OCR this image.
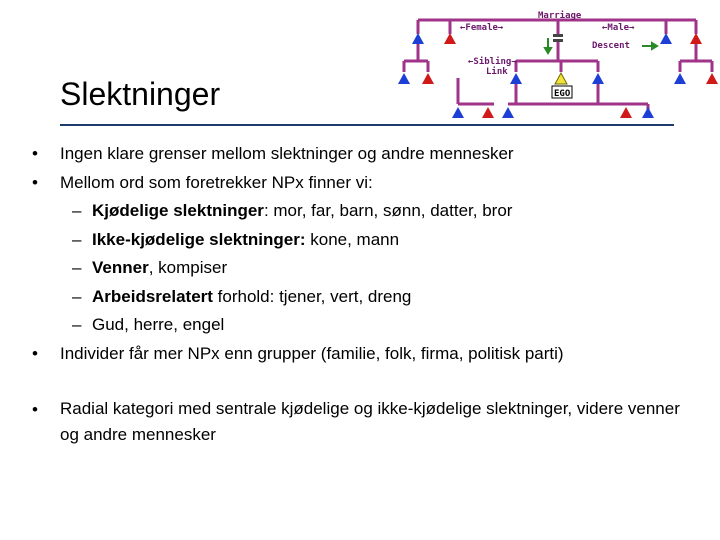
Slektninger
Marriage
←Female→	←Male→
Descent
←Sibling→
Link
EGO
• Ingen klare grenser mellom slektninger og andre mennesker
• Mellom ord som foretrekker NPx finner vi:
– Kjødelige slektninger: mor, far, barn, sønn, datter, bror
– Ikke-kjødelige slektninger: kone, mann
– Venner, kompiser
– Arbeidsrelatert forhold: tjener, vert, dreng
– Gud, herre, engel
• Individer får mer NPx enn grupper (familie, folk, firma, politisk parti)
• Radial kategori med sentrale kjødelige og ikke-kjødelige slektninger, videre venner og andre mennesker
